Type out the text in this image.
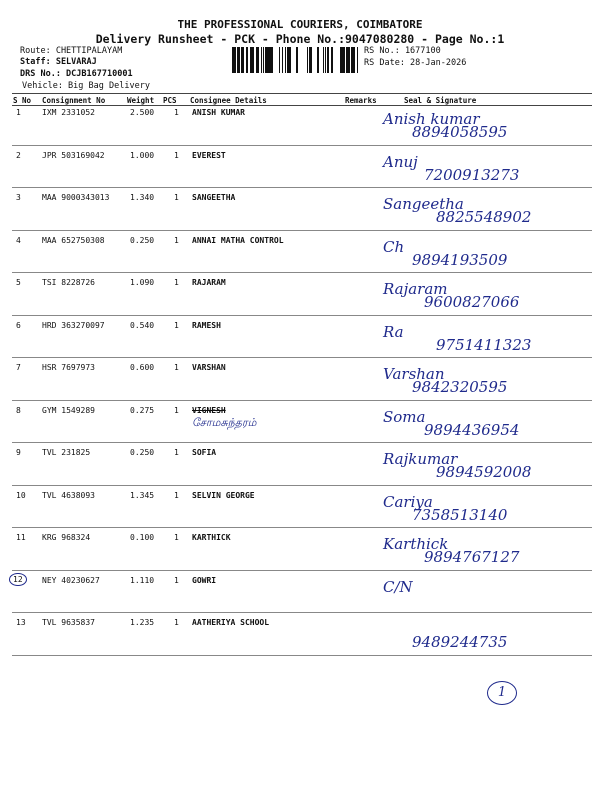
THE PROFESSIONAL COURIERS, COIMBATORE
Delivery Runsheet - PCK - Phone No.:9047080280 - Page No.:1
Route: CHETTIPALAYAM
Staff: SELVARAJ
DRS No.: DCJB167710001
Vehicle: Big Bag Delivery
RS No.: 1677100
RS Date: 28-Jan-2026
S No Consignment No	Weight PCS Consignee Details	Remarks	Seal & Signature
1	IXM 2331052	2.500 1 ANISH KUMAR	Anish kumar
8894058595
2	JPR 503169042	1.000 1 EVEREST	Anuj
7200913273
3	MAA 9000343013	1.340 1 SANGEETHA	Sangeetha
8825548902
4	MAA 652750308	0.250 1 ANNAI MATHA CONTROL	Ch
9894193509
5	TSI 8228726	1.090 1 RAJARAM	Rajaram
9600827066
6	HRD 363270097	0.540 1 RAMESH	Ra
9751411323
7	HSR 7697973	0.600 1 VARSHAN	Varshan
9842320595
8	GYM 1549289	0.275 1 VIGNESH
சோமசுந்தரம்	Soma
9894436954
9	TVL 231825	0.250 1 SOFIA	Rajkumar
9894592008
10 TVL 4638093	1.345 1 SELVIN GEORGE	Cariya
7358513140
11 KRG 968324	0.100 1 KARTHICK	Karthick
9894767127
12	NEY 40230627	1.110 1 GOWRI	C/N
13 TVL 9635837	1.235 1 AATHERIYA SCHOOL
9489244735
1
